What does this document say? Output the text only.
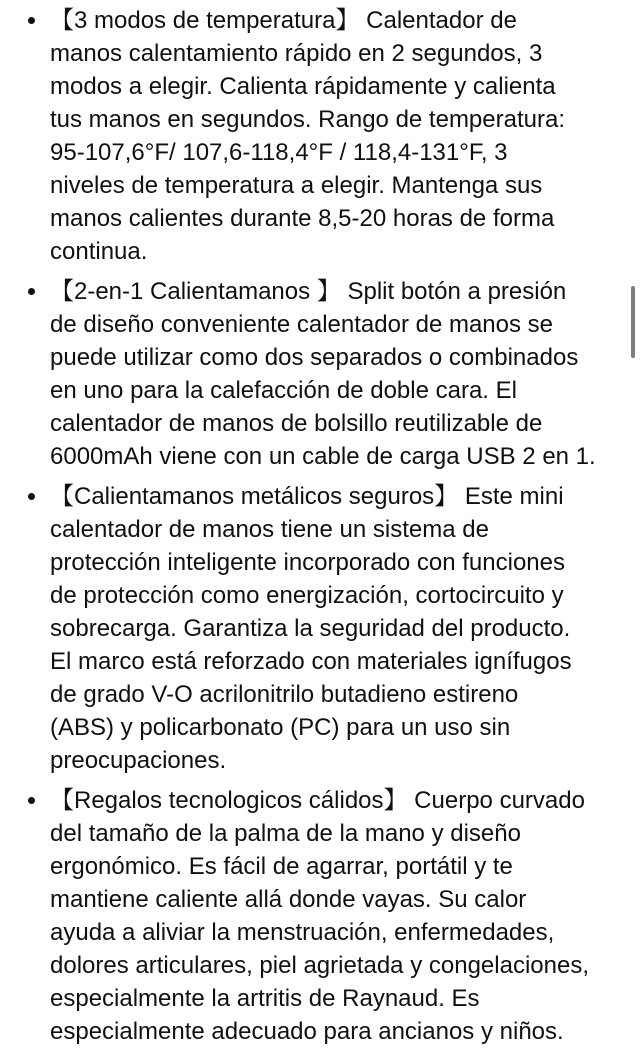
【3 modos de temperatura】 Calentador de
manos calentamiento rápido en 2 segundos, 3
modos a elegir. Calienta rápidamente y calienta
tus manos en segundos. Rango de temperatura:
95-107,6°F/ 107,6-118,4°F / 118,4-131°F, 3
niveles de temperatura a elegir. Mantenga sus
manos calientes durante 8,5-20 horas de forma
continua.
【2-en-1 Calientamanos 】 Split botón a presión
de diseño conveniente calentador de manos se
puede utilizar como dos separados o combinados
en uno para la calefacción de doble cara. El
calentador de manos de bolsillo reutilizable de
6000mAh viene con un cable de carga USB 2 en 1.
【Calientamanos metálicos seguros】 Este mini
calentador de manos tiene un sistema de
protección inteligente incorporado con funciones
de protección como energización, cortocircuito y
sobrecarga. Garantiza la seguridad del producto.
El marco está reforzado con materiales ignífugos
de grado V-O acrilonitrilo butadieno estireno
(ABS) y policarbonato (PC) para un uso sin
preocupaciones.
【Regalos tecnologicos cálidos】 Cuerpo curvado
del tamaño de la palma de la mano y diseño
ergonómico. Es fácil de agarrar, portátil y te
mantiene caliente allá donde vayas. Su calor
ayuda a aliviar la menstruación, enfermedades,
dolores articulares, piel agrietada y congelaciones,
especialmente la artritis de Raynaud. Es
especialmente adecuado para ancianos y niños.
